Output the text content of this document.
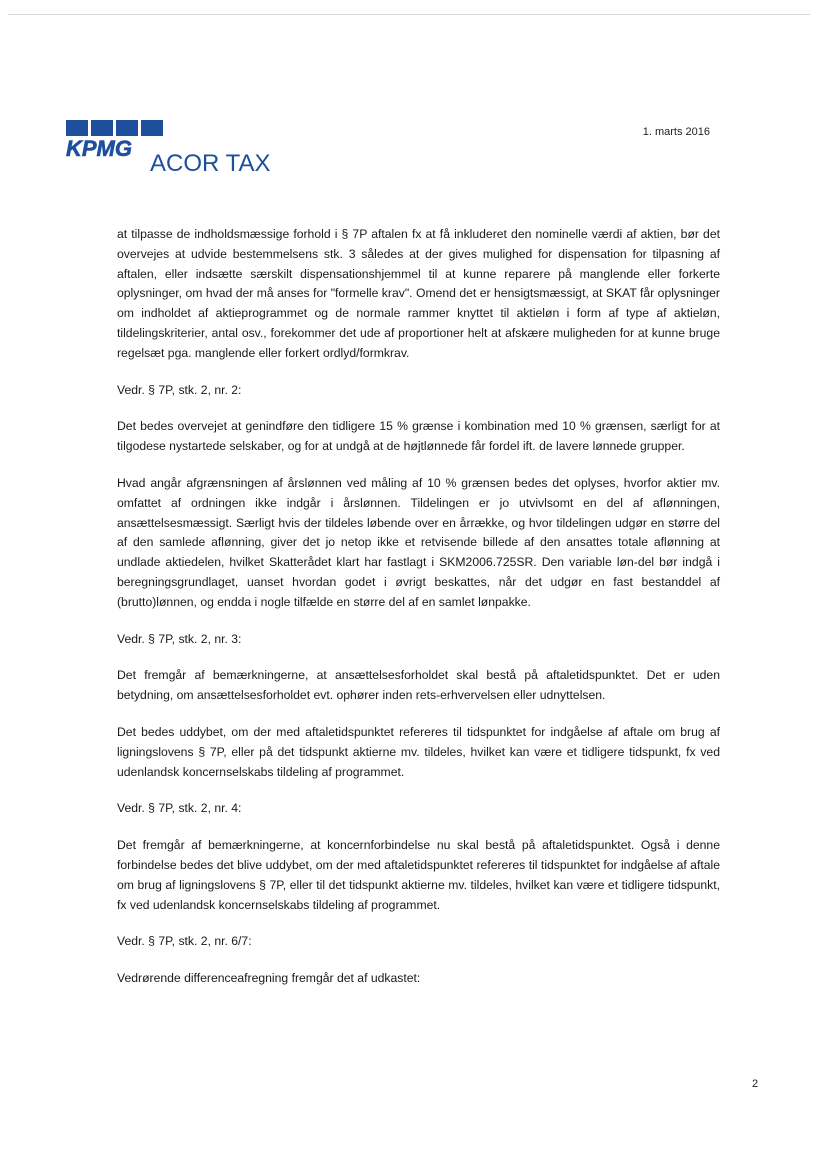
KPMG
ACOR TAX
1. marts 2016

at tilpasse de indholdsmæssige forhold i § 7P aftalen fx at få inkluderet den nominelle værdi af aktien, bør det overvejes at udvide bestemmelsens stk. 3 således at der gives mulighed for dispensation for tilpasning af aftalen, eller indsætte særskilt dispensationshjemmel til at kunne reparere på manglende eller forkerte oplysninger, om hvad der må anses for "formelle krav". Omend det er hensigtsmæssigt, at SKAT får oplysninger om indholdet af aktieprogrammet og de normale rammer knyttet til aktieløn i form af type af aktieløn, tildelingskriterier, antal osv., forekommer det ude af proportioner helt at afskære muligheden for at kunne bruge regelsæt pga. manglende eller forkert ordlyd/formkrav.

Vedr. § 7P, stk. 2, nr. 2:

Det bedes overvejet at genindføre den tidligere 15 % grænse i kombination med 10 % grænsen, særligt for at tilgodese nystartede selskaber, og for at undgå at de højtlønnede får fordel ift. de lavere lønnede grupper.

Hvad angår afgrænsningen af årslønnen ved måling af 10 % grænsen bedes det oplyses, hvorfor aktier mv. omfattet af ordningen ikke indgår i årslønnen. Tildelingen er jo utvivlsomt en del af aflønningen, ansættelsesmæssigt. Særligt hvis der tildeles løbende over en årrække, og hvor tildelingen udgør en større del af den samlede aflønning, giver det jo netop ikke et retvisende billede af den ansattes totale aflønning at undlade aktiedelen, hvilket Skatterådet klart har fastlagt i SKM2006.725SR. Den variable løn-del bør indgå i beregningsgrundlaget, uanset hvordan godet i øvrigt beskattes, når det udgør en fast bestanddel af (brutto)lønnen, og endda i nogle tilfælde en større del af en samlet lønpakke.

Vedr. § 7P, stk. 2, nr. 3:

Det fremgår af bemærkningerne, at ansættelsesforholdet skal bestå på aftaletidspunktet. Det er uden betydning, om ansættelsesforholdet evt. ophører inden rets-erhvervelsen eller udnyttelsen.

Det bedes uddybet, om der med aftaletidspunktet refereres til tidspunktet for indgåelse af aftale om brug af ligningslovens § 7P, eller på det tidspunkt aktierne mv. tildeles, hvilket kan være et tidligere tidspunkt, fx ved udenlandsk koncernselskabs tildeling af programmet.

Vedr. § 7P, stk. 2, nr. 4:

Det fremgår af bemærkningerne, at koncernforbindelse nu skal bestå på aftaletidspunktet. Også i denne forbindelse bedes det blive uddybet, om der med aftaletidspunktet refereres til tidspunktet for indgåelse af aftale om brug af ligningslovens § 7P, eller til det tidspunkt aktierne mv. tildeles, hvilket kan være et tidligere tidspunkt, fx ved udenlandsk koncernselskabs tildeling af programmet.

Vedr. § 7P, stk. 2, nr. 6/7:

Vedrørende differenceafregning fremgår det af udkastet:

2
